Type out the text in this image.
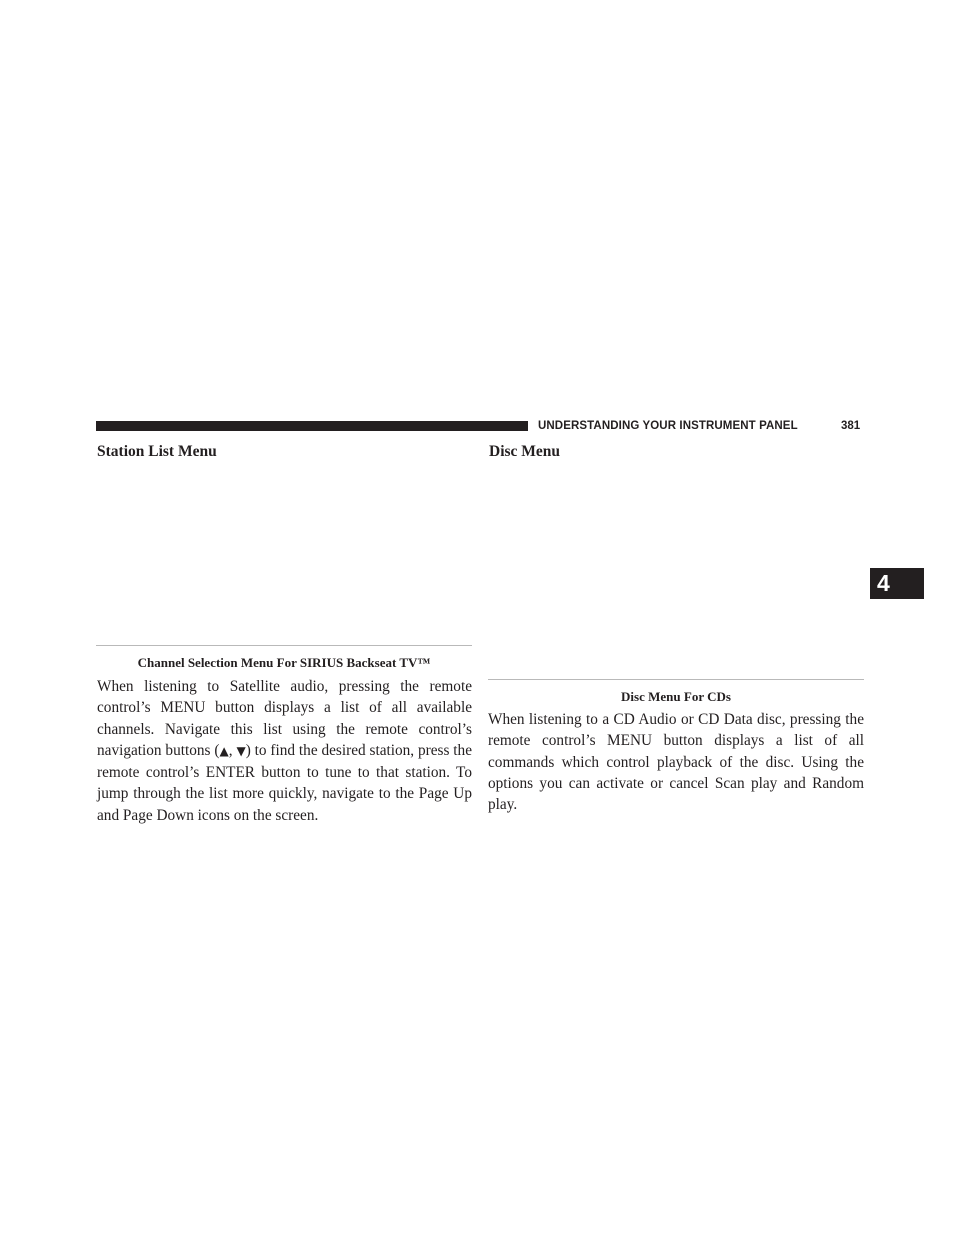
UNDERSTANDING YOUR INSTRUMENT PANEL	381
Station List Menu
Channel Selection Menu For SIRIUS Backseat TV™
When listening to Satellite audio, pressing the remote control’s MENU button displays a list of all available channels. Navigate this list using the remote control’s navigation buttons (▲, ▼) to find the desired station, press the remote control’s ENTER button to tune to that station. To jump through the list more quickly, navigate to the Page Up and Page Down icons on the screen.
Disc Menu
Disc Menu For CDs
When listening to a CD Audio or CD Data disc, pressing the remote control’s MENU button displays a list of all commands which control playback of the disc. Using the options you can activate or cancel Scan play and Random play.
4
